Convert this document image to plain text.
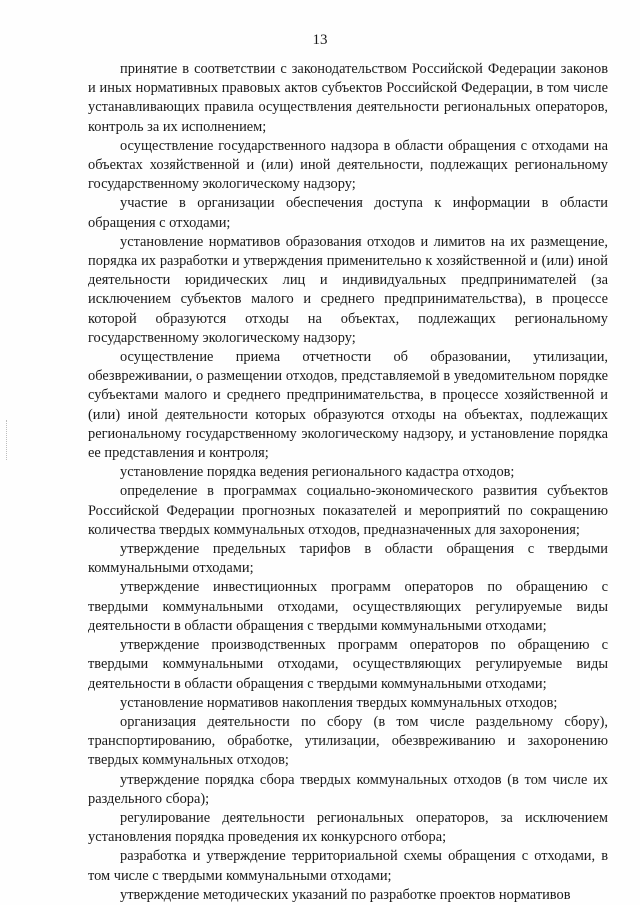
13

принятие в соответствии с законодательством Российской Федерации законов и иных нормативных правовых актов субъектов Российской Федерации, в том числе устанавливающих правила осуществления деятельности региональных операторов, контроль за их исполнением;

осуществление государственного надзора в области обращения с отходами на объектах хозяйственной и (или) иной деятельности, подлежащих региональному государственному экологическому надзору;

участие в организации обеспечения доступа к информации в области обращения с отходами;

установление нормативов образования отходов и лимитов на их размещение, порядка их разработки и утверждения применительно к хозяйственной и (или) иной деятельности юридических лиц и индивидуальных предпринимателей (за исключением субъектов малого и среднего предпринимательства), в процессе которой образуются отходы на объектах, подлежащих региональному государственному экологическому надзору;

осуществление приема отчетности об образовании, утилизации, обезвреживании, о размещении отходов, представляемой в уведомительном порядке субъектами малого и среднего предпринимательства, в процессе хозяйственной и (или) иной деятельности которых образуются отходы на объектах, подлежащих региональному государственному экологическому надзору, и установление порядка ее представления и контроля;

установление порядка ведения регионального кадастра отходов;

определение в программах социально-экономического развития субъектов Российской Федерации прогнозных показателей и мероприятий по сокращению количества твердых коммунальных отходов, предназначенных для захоронения;

утверждение предельных тарифов в области обращения с твердыми коммунальными отходами;

утверждение инвестиционных программ операторов по обращению с твердыми коммунальными отходами, осуществляющих регулируемые виды деятельности в области обращения с твердыми коммунальными отходами;

утверждение производственных программ операторов по обращению с твердыми коммунальными отходами, осуществляющих регулируемые виды деятельности в области обращения с твердыми коммунальными отходами;

установление нормативов накопления твердых коммунальных отходов;

организация деятельности по сбору (в том числе раздельному сбору), транспортированию, обработке, утилизации, обезвреживанию и захоронению твердых коммунальных отходов;

утверждение порядка сбора твердых коммунальных отходов (в том числе их раздельного сбора);

регулирование деятельности региональных операторов, за исключением установления порядка проведения их конкурсного отбора;

разработка и утверждение территориальной схемы обращения с отходами, в том числе с твердыми коммунальными отходами;

утверждение методических указаний по разработке проектов нормативов
